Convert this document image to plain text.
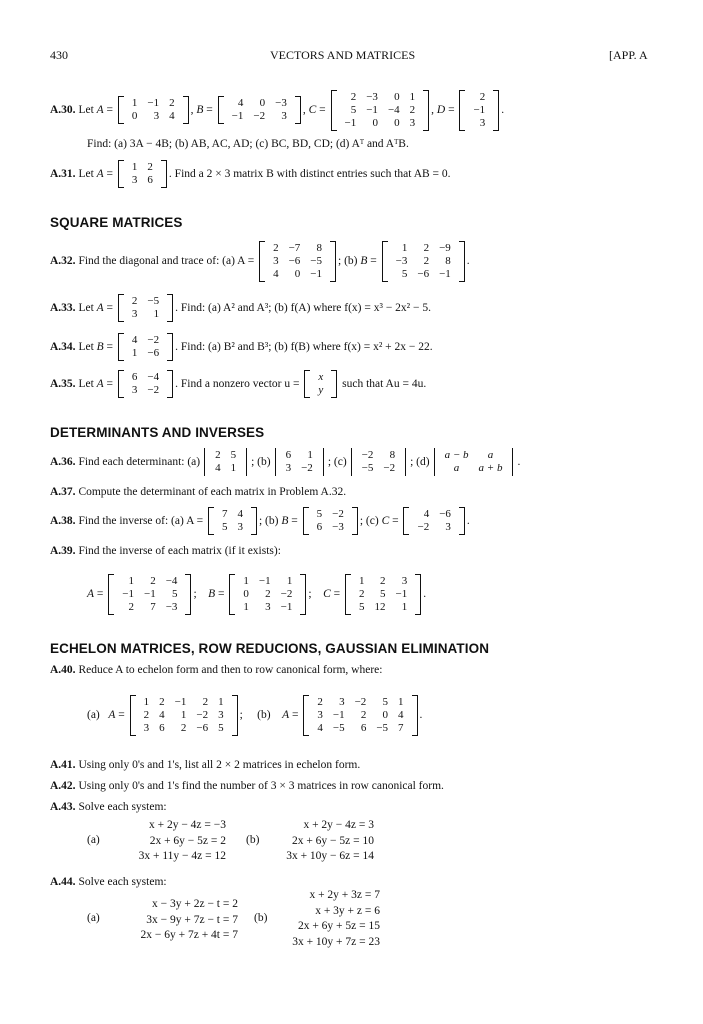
430	VECTORS AND MATRICES	[APP. A
A.30. Let A =
1	−1	2
0	3	4 , B =
4	0	−3
−1	−2	3 , C =
2	−3	0	1
5	−1	−4	2
−1	0	0	3
, D =
2
−1
3
.
Find: (a) 3A − 4B; (b) AB, AC, AD; (c) BC, BD, CD; (d) Aᵀ and AᵀB.
A.31. Let A =
1	2
3	6 . Find a 2 × 3 matrix B with distinct entries such that AB = 0.
SQUARE MATRICES
A.32.
Find the diagonal and trace of: (a) A =

2	−7	8
3	−6	−5
4	0	−1
; (b) B =
1	2	−9
−3	2	8
5	−6	−1
.
A.33. Let A =
2	−5
3	1 . Find: (a) A² and A³; (b) f(A) where f(x) = x³ − 2x² − 5.
A.34. Let B =
4	−2
1	−6 . Find: (a) B² and B³; (b) f(B) where f(x) = x² + 2x − 22.
A.35. Let A =
6	−4
3	−2 . Find a nonzero vector u =

x
y
such that Au = 4u.
DETERMINANTS AND INVERSES
A.36.
Find each determinant: (a)
2	5
4	1 ; (b)
6	1
3	−2 ; (c)
−2	8
−5	−2 ; (d)
a − b	a
a	a + b .
A.37.
Compute the determinant of each matrix in Problem A.32.
A.38.
Find the inverse of: (a) A =

7	4
5	3 ; (b) B =
5	−2
6	−3 ; (c) C =
4	−6
−2	3 .
A.39.
Find the inverse of each matrix (if it exists):
A =
1	2	−4
−1	−1	5
2	7	−3
;    B =
1	−1	1
0	2	−2
1	3	−1
;    C =
1	2	3
2	5	−1
5	12	1
.
ECHELON MATRICES, ROW REDUCIONS, GAUSSIAN ELIMINATION
A.40.
Reduce A to echelon form and then to row canonical form, where:
(a)   A =
1	2	−1	2	1
2	4	1	−2	3
3	6	2	−6	5
;     (b)    A =
2	3	−2	5	1
3	−1	2	0	4
4	−5	6	−5	7
.
A.41.
Using only 0's and 1's, list all 2 × 2 matrices in echelon form.
A.42.
Using only 0's and 1's find the number of 3 × 3 matrices in row canonical form.
A.43.
Solve each system:
(a)
x + 2y − 4z = −3
2x + 6y − 5z = 2
3x + 11y − 4z = 12
(b)
x + 2y − 4z = 3
2x + 6y − 5z = 10
3x + 10y − 6z = 14
A.44.
Solve each system:
(a)
x − 3y + 2z − t = 2
3x − 9y + 7z − t = 7
2x − 6y + 7z + 4t = 7
(b)
x + 2y + 3z = 7
x + 3y + z = 6
2x + 6y + 5z = 15
3x + 10y + 7z = 23
